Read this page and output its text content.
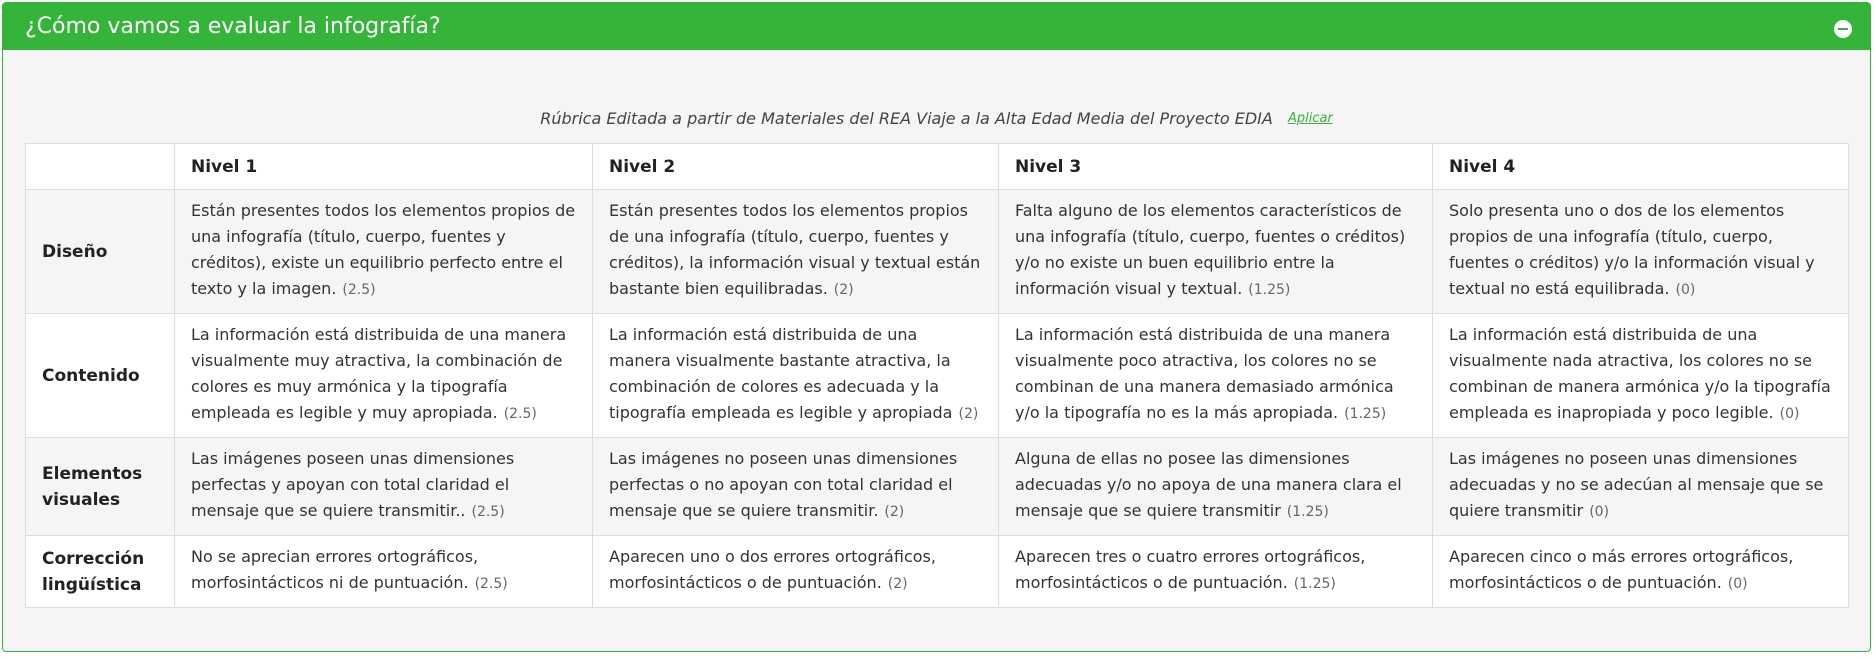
¿Cómo vamos a evaluar la infografía?
Rúbrica Editada a partir de Materiales del REA Viaje a la Alta Edad Media del Proyecto EDIA Aplicar
	Nivel 1	Nivel 2	Nivel 3	Nivel 4
Diseño	Están presentes todos los elementos propios de una infografía (título, cuerpo, fuentes y créditos), existe un equilibrio perfecto entre el texto y la imagen. (2.5)	Están presentes todos los elementos propios de una infografía (título, cuerpo, fuentes y créditos), la información visual y textual están bastante bien equilibradas. (2)	Falta alguno de los elementos característicos de una infografía (título, cuerpo, fuentes o créditos) y/o no existe un buen equilibrio entre la información visual y textual. (1.25)	Solo presenta uno o dos de los elementos propios de una infografía (título, cuerpo, fuentes o créditos) y/o la información visual y textual no está equilibrada. (0)
Contenido	La información está distribuida de una manera visualmente muy atractiva, la combinación de colores es muy armónica y la tipografía empleada es legible y muy apropiada. (2.5)	La información está distribuida de una manera visualmente bastante atractiva, la combinación de colores es adecuada y la tipografía empleada es legible y apropiada (2)	La información está distribuida de una manera visualmente poco atractiva, los colores no se combinan de una manera demasiado armónica y/o la tipografía no es la más apropiada. (1.25)	La información está distribuida de una visualmente nada atractiva, los colores no se combinan de manera armónica y/o la tipografía empleada es inapropiada y poco legible. (0)
Elementos visuales	Las imágenes poseen unas dimensiones perfectas y apoyan con total claridad el mensaje que se quiere transmitir.. (2.5)	Las imágenes no poseen unas dimensiones perfectas o no apoyan con total claridad el mensaje que se quiere transmitir. (2)	Alguna de ellas no posee las dimensiones adecuadas y/o no apoya de una manera clara el mensaje que se quiere transmitir (1.25)	Las imágenes no poseen unas dimensiones adecuadas y no se adecúan al mensaje que se quiere transmitir (0)
Corrección lingüística	No se aprecian errores ortográficos, morfosintácticos ni de puntuación. (2.5)	Aparecen uno o dos errores ortográficos, morfosintácticos o de puntuación. (2)	Aparecen tres o cuatro errores ortográficos, morfosintácticos o de puntuación. (1.25)	Aparecen cinco o más errores ortográficos, morfosintácticos o de puntuación. (0)
